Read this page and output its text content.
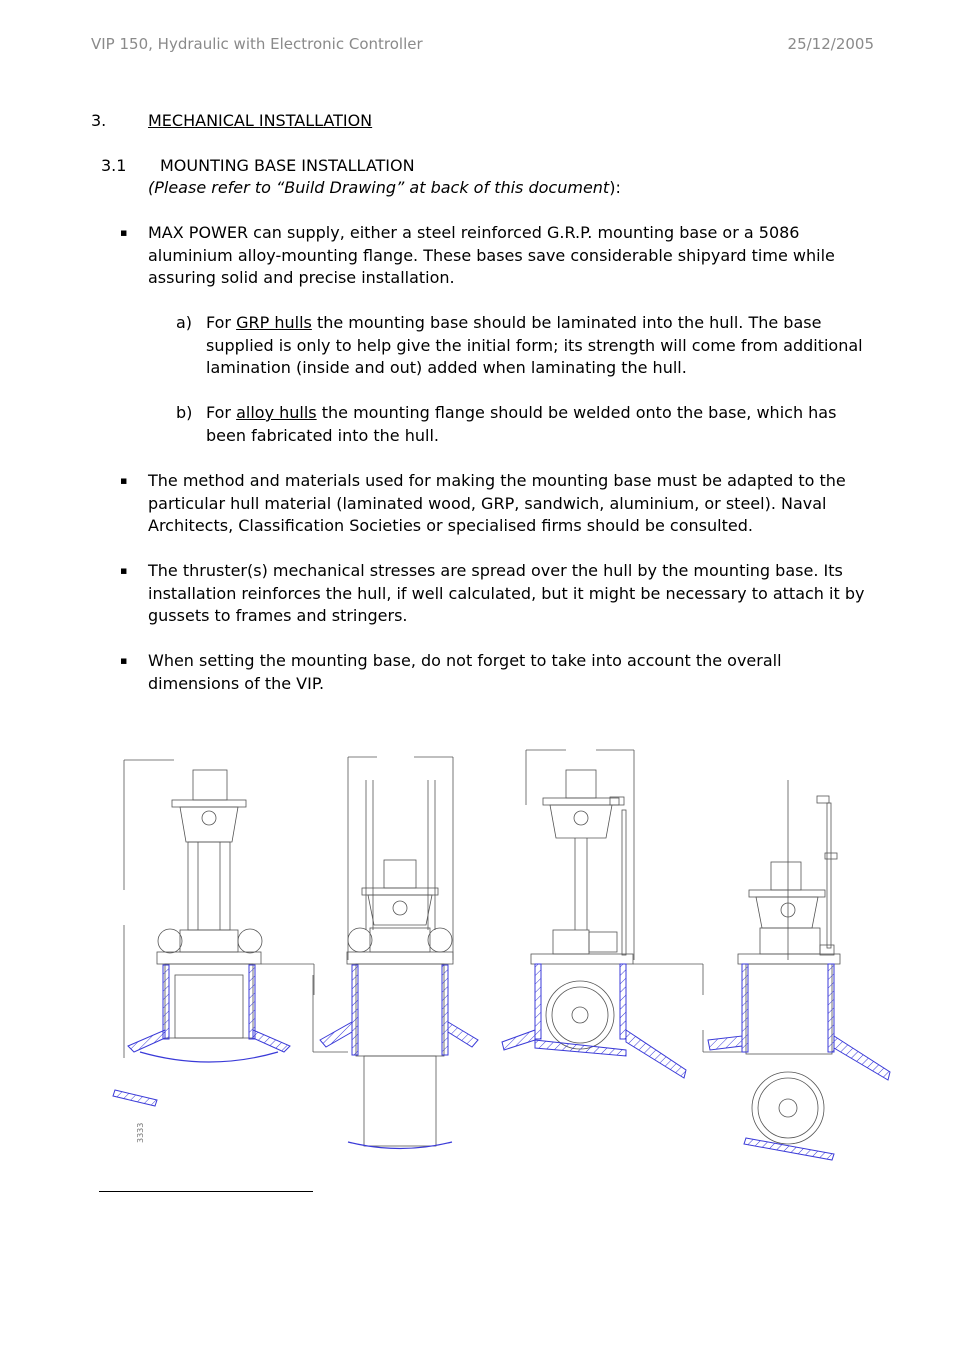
VIP 150, Hydraulic with Electronic Controller	25/12/2005
3.	MECHANICAL INSTALLATION
3.1 MOUNTING BASE INSTALLATION
(Please refer to “Build Drawing” at back of this document):
▪ MAX POWER can supply, either a steel reinforced G.R.P. mounting base or a 5086
aluminium alloy-mounting flange. These bases save considerable shipyard time while
assuring solid and precise installation.
a) For GRP hulls the mounting base should be laminated into the hull. The base
supplied is only to help give the initial form; its strength will come from additional
lamination (inside and out) added when laminating the hull.
b) For alloy hulls the mounting flange should be welded onto the base, which has
been fabricated into the hull.
▪ The method and materials used for making the mounting base must be adapted to the
particular hull material (laminated wood, GRP, sandwich, aluminium, or steel). Naval
Architects, Classification Societies or specialised firms should be consulted.
▪ The thruster(s) mechanical stresses are spread over the hull by the mounting base. Its
installation reinforces the hull, if well calculated, but it might be necessary to attach it by
gussets to frames and stringers.
▪ When setting the mounting base, do not forget to take into account the overall
dimensions of the VIP.
3333
